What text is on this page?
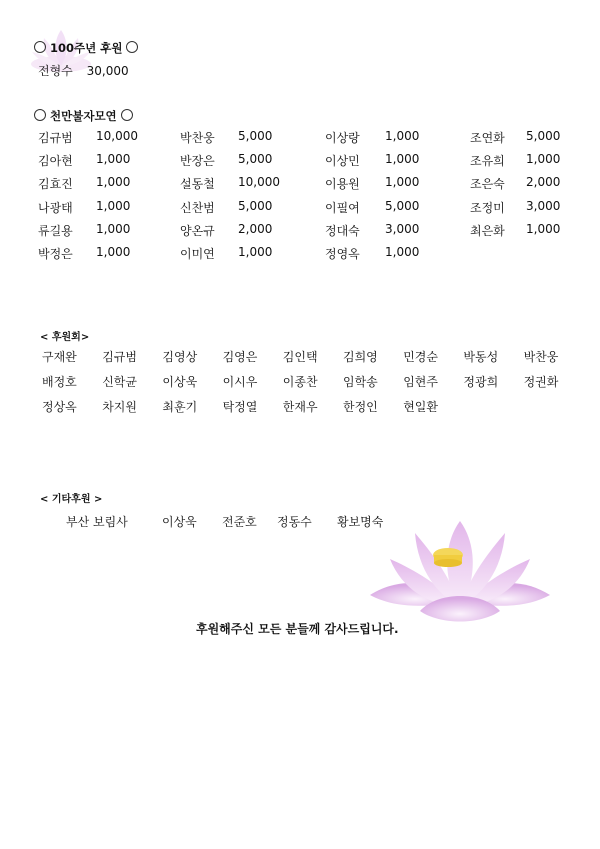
100주년 후원
전형수 30,000
천만불자모연
김규범 10,000	박찬웅 5,000	이상랑 1,000	조연화 5,000
김아현 1,000	반장은 5,000	이상민 1,000	조유희 1,000
김효진 1,000	설동철 10,000	이용원 1,000	조은숙 2,000
나광태 1,000	신찬범 5,000	이필여 5,000	조정미 3,000
류길용 1,000	양온규 2,000	정대숙 3,000	최은화 1,000
박정은 1,000	이미연 1,000	정영옥 1,000
< 후원회>
구재완 김규범 김영상 김영은 김인택 김희영 민경순 박동성 박찬웅
배정호 신학균 이상욱 이시우 이종찬 임학송 임현주 정광희 정권화
정상옥 차지원 최훈기 탁정열 한재우 한정인 현일환
< 기타후원 >
부산 보림사	이상욱 전준호 정동수 황보명숙
후원해주신 모든 분들께 감사드립니다.
